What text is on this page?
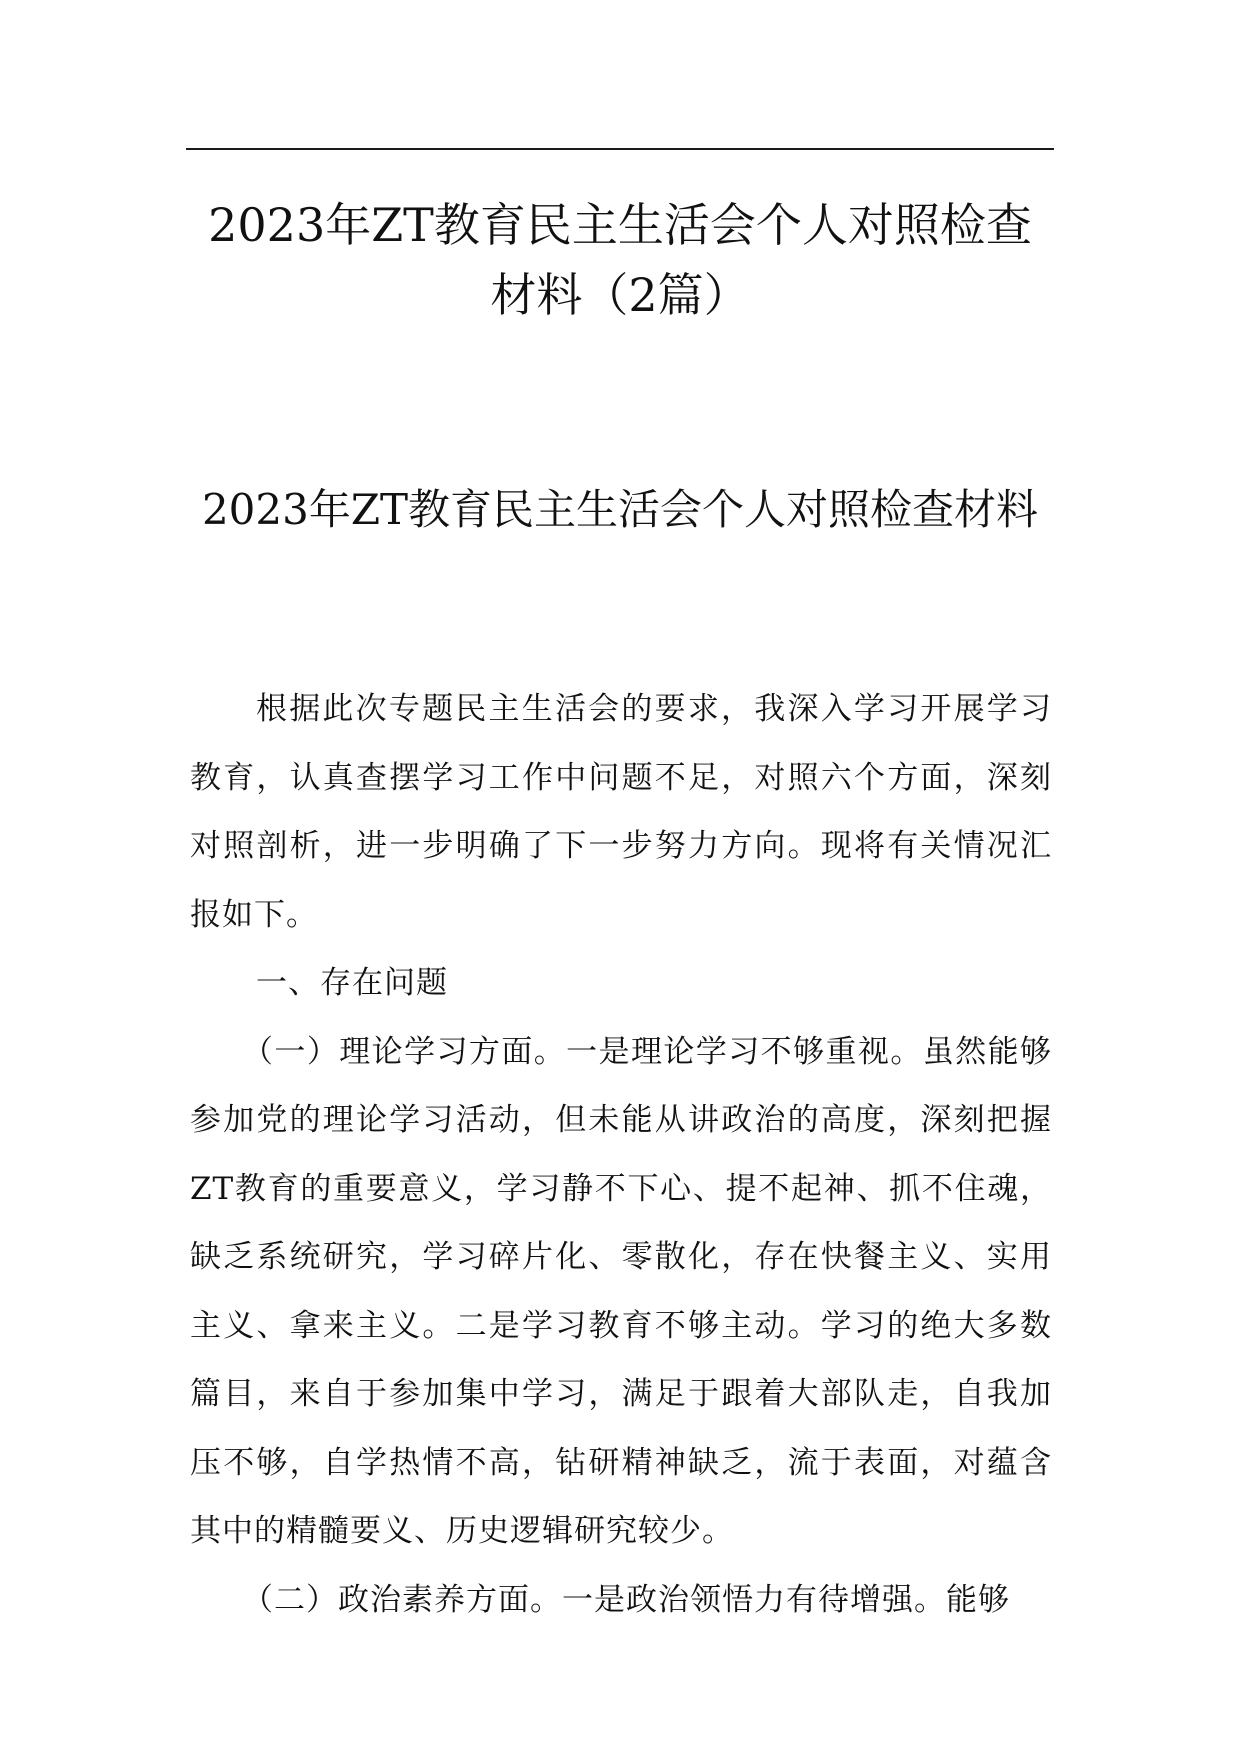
2023年ZT教育民主生活会个人对照检查材料（2篇）
2023年ZT教育民主生活会个人对照检查材料

根据此次专题民主生活会的要求，我深入学习开展学习教育，认真查摆学习工作中问题不足，对照六个方面，深刻对照剖析，进一步明确了下一步努力方向。现将有关情况汇报如下。

一、存在问题

（一）理论学习方面。一是理论学习不够重视。虽然能够参加党的理论学习活动，但未能从讲政治的高度，深刻把握ZT教育的重要意义，学习静不下心、提不起神、抓不住魂，缺乏系统研究，学习碎片化、零散化，存在快餐主义、实用主义、拿来主义。二是学习教育不够主动。学习的绝大多数篇目，来自于参加集中学习，满足于跟着大部队走，自我加压不够，自学热情不高，钻研精神缺乏，流于表面，对蕴含其中的精髓要义、历史逻辑研究较少。

（二）政治素养方面。一是政治领悟力有待增强。能够
